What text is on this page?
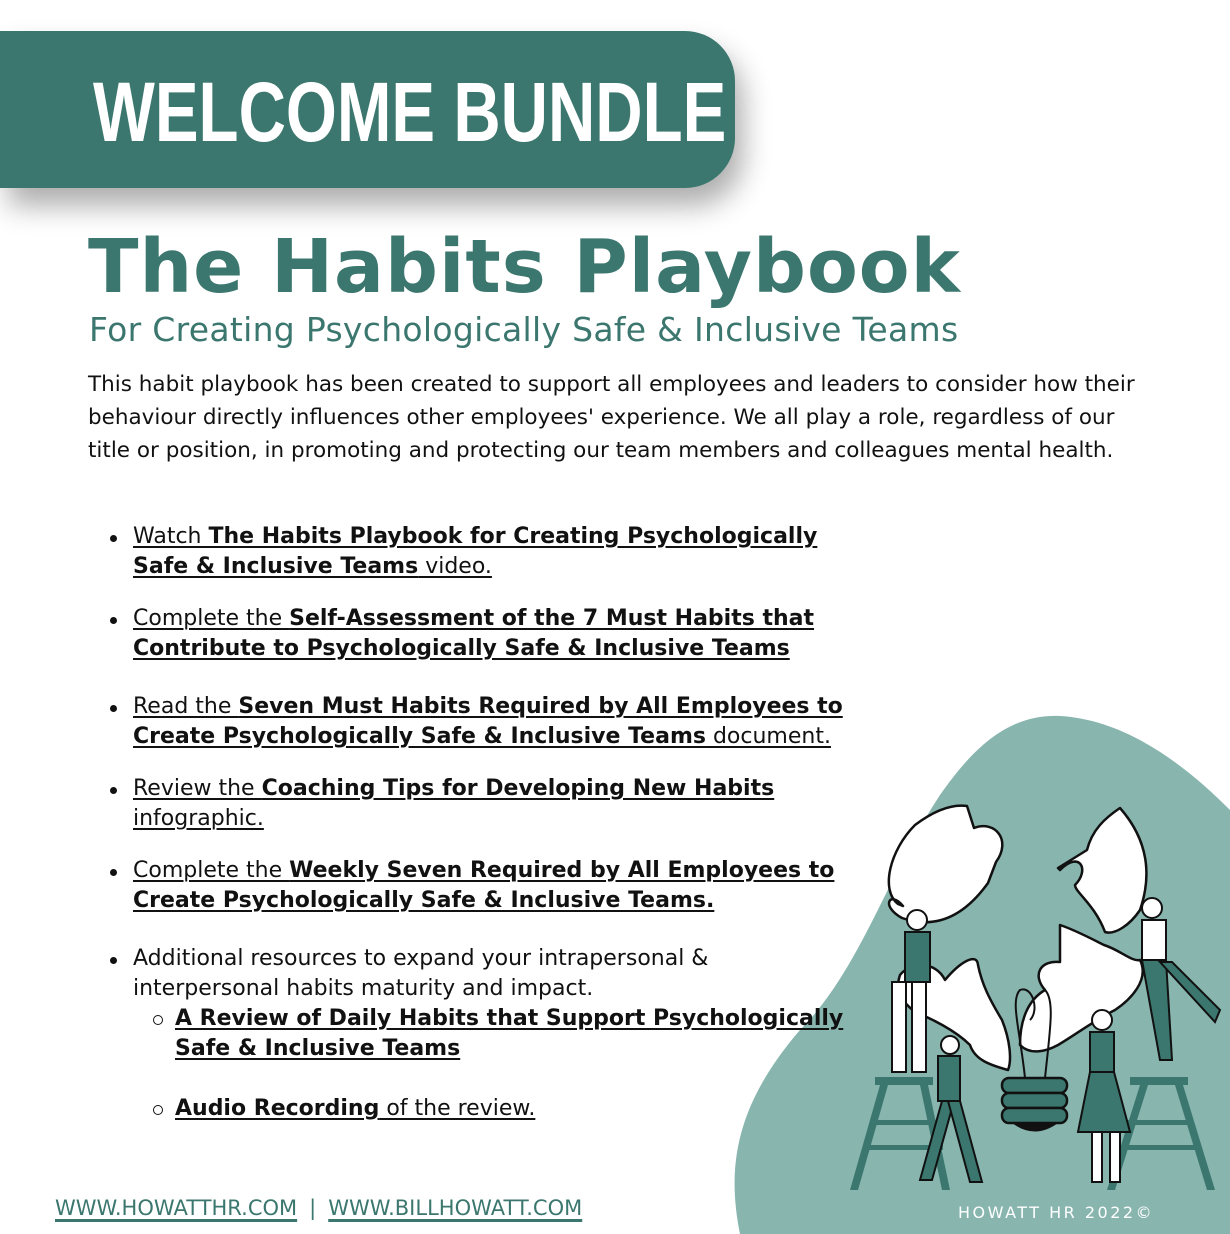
WELCOME BUNDLE
The Habits Playbook
For Creating Psychologically Safe & Inclusive Teams

This habit playbook has been created to support all employees and leaders to consider how their behaviour directly influences other employees' experience. We all play a role, regardless of our title or position, in promoting and protecting our team members and colleagues mental health.

Watch The Habits Playbook for Creating Psychologically Safe & Inclusive Teams video.
Complete the Self-Assessment of the 7 Must Habits that Contribute to Psychologically Safe & Inclusive Teams
Read the Seven Must Habits Required by All Employees to Create Psychologically Safe & Inclusive Teams document.
Review the Coaching Tips for Developing New Habits infographic.
Complete the Weekly Seven Required by All Employees to Create Psychologically Safe & Inclusive Teams.
Additional resources to expand your intrapersonal & interpersonal habits maturity and impact.
A Review of Daily Habits that Support Psychologically Safe & Inclusive Teams
Audio Recording of the review.
WWW.HOWATTHR.COM | WWW.BILLHOWATT.COM	HOWATT HR 2022©
